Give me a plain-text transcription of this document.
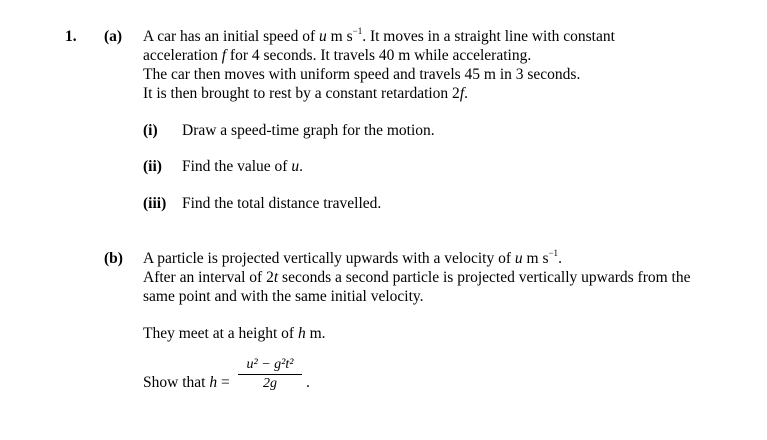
1. (a) A car has an initial speed of u m $s^{-1}$. It moves in a straight line with constant
acceleration f for 4 seconds. It travels 40 m while accelerating.
The car then moves with uniform speed and travels 45 m in 3 seconds.
It is then brought to rest by a constant retardation 2f.
(i) Draw a speed-time graph for the motion.
(ii) Find the value of u.
(iii) Find the total distance travelled.
(b) A particle is projected vertically upwards with a velocity of u m $s^{-1}$.
After an interval of 2t seconds a second particle is projected vertically upwards from the
same point and with the same initial velocity.
They meet at a height of h m.
Show that h =
u² − g²t²
2g	.
